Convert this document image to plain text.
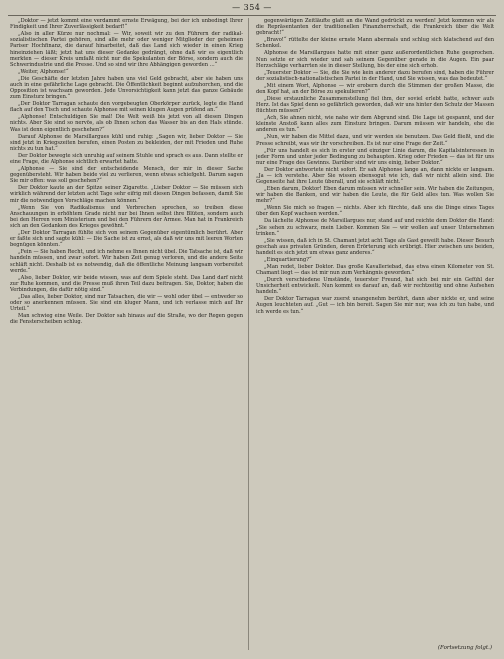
— 354 —

„Doktor — jetzt kommt eine verdammt ernste Erwägung, bei der ich unbedingt Ihrer Findigkeit und Ihrer Zuverlässigkeit bedarf!“

„Also in aller Kürze nur nochmal: — Wir, soweit wir zu den Führern der radikal-sozialistischen Partei gehören, sind alle mehr oder weniger Mitglieder der geheimen Pariser Hochfinanz, die darauf hinarbeitet, daß das Land sich wieder in einen Krieg hineinziehen läßt; jetzt hat uns dieser Gedanke gedrängt, ohne daß wir es eigentlich merkten — dieser Kreis umfaßt nicht nur die Spekulanten der Börse, sondern auch die Schwerindustrie und die Presse. Und so sind wir ihre Abhängigen geworden …“

„Weiter, Alphonse!“

„Die Geschäfte der letzten Jahre haben uns viel Geld gebracht, aber sie haben uns auch in eine gefährliche Lage gebracht. Die Öffentlichkeit beginnt aufzuhorchen, und die Opposition ist wachsam geworden. Jede Unvorsichtigkeit kann jetzt das ganze Gebäude zum Einsturz bringen.“

„Der Doktor Tarragan schaute den vorgebeugten Oberkörper zurück, legte die Hand flach auf den Tisch und schaute Alphonse mit seinen klugen Augen prüfend an.“

„Alphonse! Entschuldigen Sie mal! Die Welt weiß bis jetzt von all diesen Dingen nichts. Aber Sie sind so nervös, als ob Ihnen schon das Wasser bis an den Hals stünde. Was ist denn eigentlich geschehen?“

Darauf Alphonse de Marsillargues kühl und ruhig: „Sagen wir, lieber Doktor — Sie sind jetzt in Kriegszeiten berufen, einen Posten zu bekleiden, der mit Frieden und Ruhe nichts zu tun hat.“

Der Doktor bewegte sich unruhig auf seinem Stuhle und sprach es aus. Dann stellte er eine Frage, die Alphonse sichtlich erwartet hatte.

„Alphonse — Sie sind der entscheidende Mensch, der mir in dieser Sache gegenübersteht. Wir haben beide viel zu verlieren, wenn etwas schiefgeht. Darum sagen Sie mir offen: was soll geschehen?“

Der Doktor kaute an der Spitze seiner Zigarette. „Lieber Doktor — Sie müssen sich wirklich während der letzten acht Tage sehr eifrig mit diesen Dingen befassen, damit Sie mir die notwendigen Vorschläge machen können.“

„Wenn Sie von Radikalismus und Verbrechen sprechen, so treiben diese Anschauungen in erhöhtem Grade nicht nur bei Ihnen selbst ihre Blüten, sondern auch bei den Herren vom Ministerium und bei den Führern der Armee. Man hat in Frankreich sich an den Gedanken des Krieges gewöhnt.“

„Der Doktor Tarragan fühlte sich von seinem Gegenüber eigentümlich berührt. Aber er faßte sich und sagte kühl: — Die Sache ist zu ernst, als daß wir uns mit leeren Worten begnügen könnten.“

„Fein — Sie haben Recht, und ich nehme es Ihnen nicht übel. Die Tatsache ist, daß wir handeln müssen, und zwar sofort. Wir haben Zeit genug verloren, und die andere Seite schläft nicht. Deshalb ist es notwendig, daß die öffentliche Meinung langsam vorbereitet werde.“

„Also, lieber Doktor, wir beide wissen, was auf dem Spiele steht. Das Land darf nicht zur Ruhe kommen, und die Presse muß ihren Teil dazu beitragen. Sie, Doktor, haben die Verbindungen, die dafür nötig sind.“

„Das alles, lieber Doktor, sind nur Tatsachen, die wir — wohl oder übel — entweder so oder so anerkennen müssen. Sie sind ein kluger Mann, und ich verlasse mich auf Ihr Urteil.“

Man schwieg eine Weile. Der Doktor sah hinaus auf die Straße, wo der Regen gegen die Fensterscheiben schlug.

gegenwärtigen Zeitläufte glatt an die Wand gedrückt zu werden! Jetzt kommen wir als die Repräsentanten der traditionellen Finanzherrschaft, die Frankreich über die Welt gebracht!“

„Bravo!“ rüttelte der kleine ernste Mann abermals und schlug sich klatschend auf den Schenkel.

Alphonse de Marsillargues hatte mit einer ganz außerordentlichen Ruhe gesprochen. Nun setzte er sich wieder und sah seinem Gegenüber gerade in die Augen. Ein paar Herzschläge verharrten sie in dieser Stellung, bis der eine sich erhob.

„Teuerster Doktor — Sie, die Sie wie kein anderer dazu berufen sind, haben die Führer der sozialistisch-nationalistischen Partei in der Hand, und Sie wissen, was das bedeutet.“

„Mit einem Wort, Alphonse — wir erobern durch die Stimmen der großen Masse, die den Kopf hat, an der Börse zu spekulieren?“

„Diese erstaunliche Zusammenstellung fiel ihm, der soviel erlebt hatte, schwer aufs Herz. Ist das Spiel denn so gefährlich geworden, daß wir uns hinter den Schutz der Massen flüchten müssen?“

„Ach, Sie ahnen nicht, wie nahe wir dem Abgrund sind. Die Lage ist gespannt, und der kleinste Anstoß kann alles zum Einsturz bringen. Darum müssen wir handeln, ehe die anderen es tun.“

„Nun, wir haben die Mittel dazu, und wir werden sie benutzen. Das Geld fließt, und die Presse schreibt, was wir ihr vorschreiben. Es ist nur eine Frage der Zeit.“

„Für uns handelt es sich in erster und einziger Linie darum, die Kapitalsinteressen in jeder Form und unter jeder Bedingung zu behaupten. Krieg oder Frieden — das ist für uns nur eine Frage des Gewinns. Darüber sind wir uns einig, lieber Doktor.“

Der Doktor antwortete nicht sofort. Er sah Alphonse lange an, dann nickte er langsam. „Ja — ich verstehe. Aber Sie wissen ebensogut wie ich, daß wir nicht allein sind. Die Gegenseite hat ihre Leute überall, und sie schläft nicht.“

„Eben darum, Doktor! Eben darum müssen wir schneller sein. Wir haben die Zeitungen, wir haben die Banken, und wir haben die Leute, die für Geld alles tun. Was wollen Sie mehr?“

„Wenn Sie mich so fragen — nichts. Aber ich fürchte, daß uns die Dinge eines Tages über den Kopf wachsen werden.“

Da lächelte Alphonse de Marsillargues nur, stand auf und reichte dem Doktor die Hand: „Sie sehen zu schwarz, mein Lieber. Kommen Sie — wir wollen auf unser Unternehmen trinken.“

„Sie wissen, daß ich in St. Chamant jetzt acht Tage als Gast geweilt habe. Dieser Besuch geschah aus privaten Gründen, deren Erörterung sich erübrigt. Hier zwischen uns beiden, handelt es sich jetzt um etwas ganz anderes.“

„Einquartierung?“

„Man redet, lieber Doktor. Das große Kavalleriebad, das etwa einen Kilometer von St. Chamant liegt — das ist mir nun zum Verhängnis geworden.“

„Durch verschiedene Umstände, teuerster Freund, hat sich bei mir ein Gefühl der Unsicherheit entwickelt. Nun kommt es darauf an, daß wir rechtzeitig und ohne Aufsehen handeln.“

Der Doktor Tarragan war zuerst unangenehm berührt, dann aber nickte er, und seine Augen leuchteten auf. „Gut — ich bin bereit. Sagen Sie mir nur, was ich zu tun habe, und ich werde es tun.“

(Fortsetzung folgt.)
